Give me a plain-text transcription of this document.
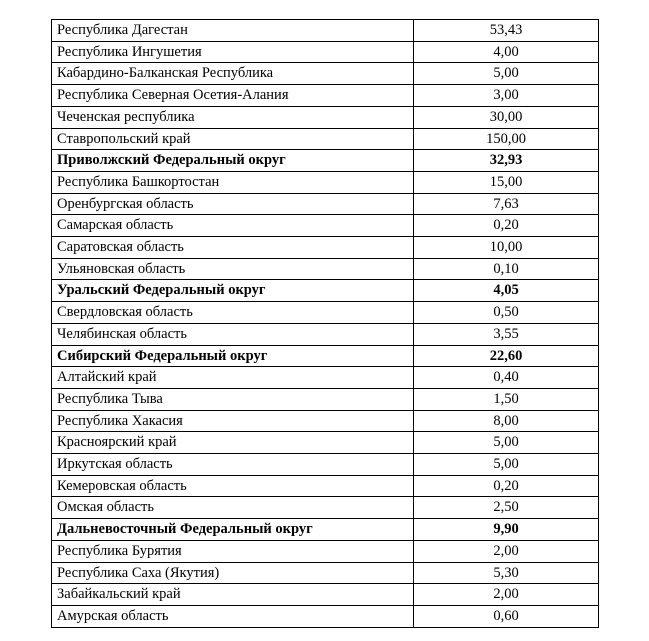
Республика Дагестан	53,43
Республика Ингушетия	4,00
Кабардино-Балканская Республика	5,00
Республика Северная Осетия-Алания	3,00
Чеченская республика	30,00
Ставропольский край	150,00
Приволжский Федеральный округ	32,93
Республика Башкортостан	15,00
Оренбургская область	7,63
Самарская область	0,20
Саратовская область	10,00
Ульяновская область	0,10
Уральский Федеральный округ	4,05
Свердловская область	0,50
Челябинская область	3,55
Сибирский Федеральный округ	22,60
Алтайский край	0,40
Республика Тыва	1,50
Республика Хакасия	8,00
Красноярский край	5,00
Иркутская область	5,00
Кемеровская область	0,20
Омская область	2,50
Дальневосточный Федеральный округ	9,90
Республика Бурятия	2,00
Республика Саха (Якутия)	5,30
Забайкальский край	2,00
Амурская область	0,60
